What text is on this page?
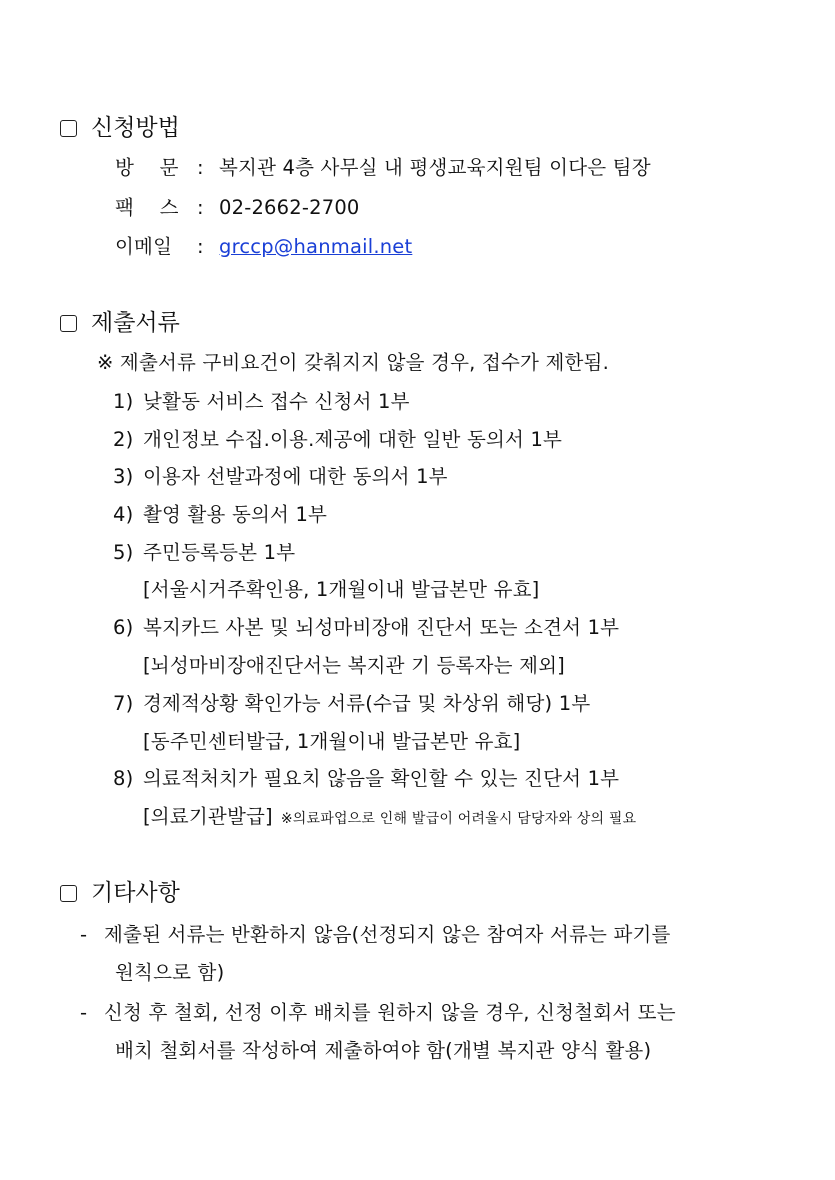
신청방법
방    문 : 복지관 4층 사무실 내 평생교육지원팀 이다은 팀장
팩    스 : 02-2662-2700
이메일 : grccp@hanmail.net
제출서류
※ 제출서류 구비요건이 갖춰지지 않을 경우, 접수가 제한됨.
1) 낮활동 서비스 접수 신청서 1부
2) 개인정보 수집.이용.제공에 대한 일반 동의서 1부
3) 이용자 선발과정에 대한 동의서 1부
4) 촬영 활용 동의서 1부
5) 주민등록등본 1부
[서울시거주확인용, 1개월이내 발급본만 유효]
6) 복지카드 사본 및 뇌성마비장애 진단서 또는 소견서 1부
[뇌성마비장애진단서는 복지관 기 등록자는 제외]
7) 경제적상황 확인가능 서류(수급 및 차상위 해당) 1부
[동주민센터발급, 1개월이내 발급본만 유효]
8) 의료적처치가 필요치 않음을 확인할 수 있는 진단서 1부
[의료기관발급] ※의료파업으로 인해 발급이 어려울시 담당자와 상의 필요
기타사항
- 제출된 서류는 반환하지 않음(선정되지 않은 참여자 서류는 파기를
원칙으로 함)
- 신청 후 철회, 선정 이후 배치를 원하지 않을 경우, 신청철회서 또는
배치 철회서를 작성하여 제출하여야 함(개별 복지관 양식 활용)
